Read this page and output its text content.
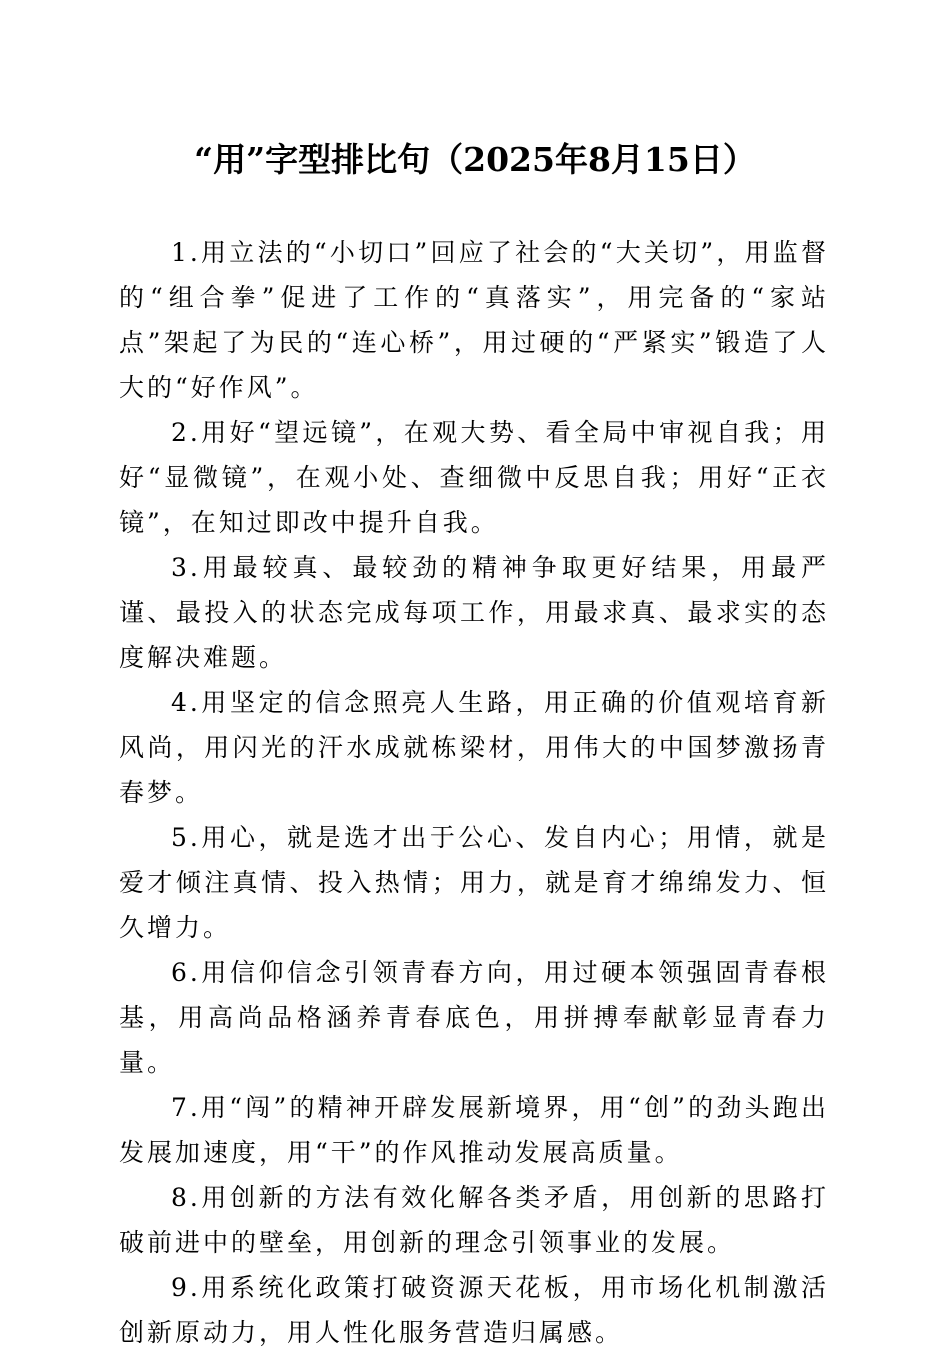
“用”字型排比句（2025年8月15日）

1.用立法的“小切口”回应了社会的“大关切”，用监督的“组合拳”促进了工作的“真落实”，用完备的“家站点”架起了为民的“连心桥”，用过硬的“严紧实”锻造了人大的“好作风”。

2.用好“望远镜”，在观大势、看全局中审视自我；用好“显微镜”，在观小处、查细微中反思自我；用好“正衣镜”，在知过即改中提升自我。

3.用最较真、最较劲的精神争取更好结果，用最严谨、最投入的状态完成每项工作，用最求真、最求实的态度解决难题。

4.用坚定的信念照亮人生路，用正确的价值观培育新风尚，用闪光的汗水成就栋梁材，用伟大的中国梦激扬青春梦。

5.用心，就是选才出于公心、发自内心；用情，就是爱才倾注真情、投入热情；用力，就是育才绵绵发力、恒久增力。

6.用信仰信念引领青春方向，用过硬本领强固青春根基，用高尚品格涵养青春底色，用拼搏奉献彰显青春力量。

7.用“闯”的精神开辟发展新境界，用“创”的劲头跑出发展加速度，用“干”的作风推动发展高质量。

8.用创新的方法有效化解各类矛盾，用创新的思路打破前进中的壁垒，用创新的理念引领事业的发展。

9.用系统化政策打破资源天花板，用市场化机制激活创新原动力，用人性化服务营造归属感。
